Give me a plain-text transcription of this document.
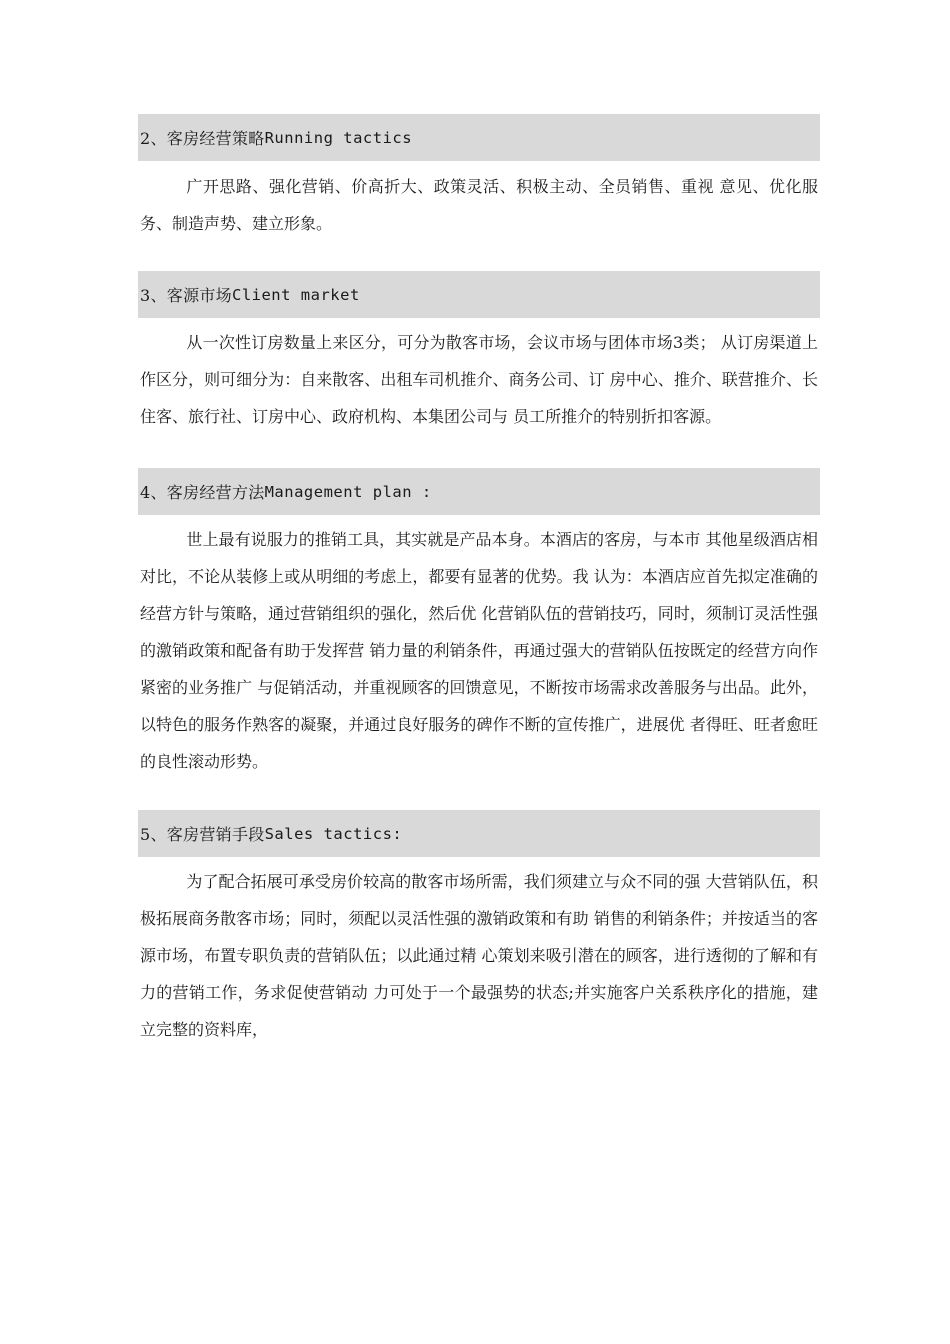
2、客房经营策略 Running tactics

广开思路、强化营销、价高折大、政策灵活、积极主动、全员销售、重视 意见、优化服务、制造声势、建立形象。

3、客源市场 Client market

从一次性订房数量上来区分，可分为散客市场，会议市场与团体市场3类； 从订房渠道上作区分，则可细分为：自来散客、出租车司机推介、商务公司、订 房中心、推介、联营推介、长住客、旅行社、订房中心、政府机构、本集团公司与 员工所推介的特别折扣客源。

4、客房经营方法 Management plan :

世上最有说服力的推销工具，其实就是产品本身。本酒店的客房，与本市 其他星级酒店相对比，不论从装修上或从明细的考虑上，都要有显著的优势。我 认为：本酒店应首先拟定准确的经营方针与策略，通过营销组织的强化，然后优 化营销队伍的营销技巧，同时，须制订灵活性强的激销政策和配备有助于发挥营 销力量的利销条件，再通过强大的营销队伍按既定的经营方向作紧密的业务推广 与促销活动，并重视顾客的回馈意见，不断按市场需求改善服务与出品。此外， 以特色的服务作熟客的凝聚，并通过良好服务的碑作不断的宣传推广，进展优 者得旺、旺者愈旺的良性滚动形势。

5、客房营销手段 Sales tactics:

为了配合拓展可承受房价较高的散客市场所需，我们须建立与众不同的强 大营销队伍，积极拓展商务散客市场；同时，须配以灵活性强的激销政策和有助 销售的利销条件；并按适当的客源市场，布置专职负责的营销队伍；以此通过精 心策划来吸引潜在的顾客，进行透彻的了解和有力的营销工作，务求促使营销动 力可处于一个最强势的状态;并实施客户关系秩序化的措施，建立完整的资料库，
